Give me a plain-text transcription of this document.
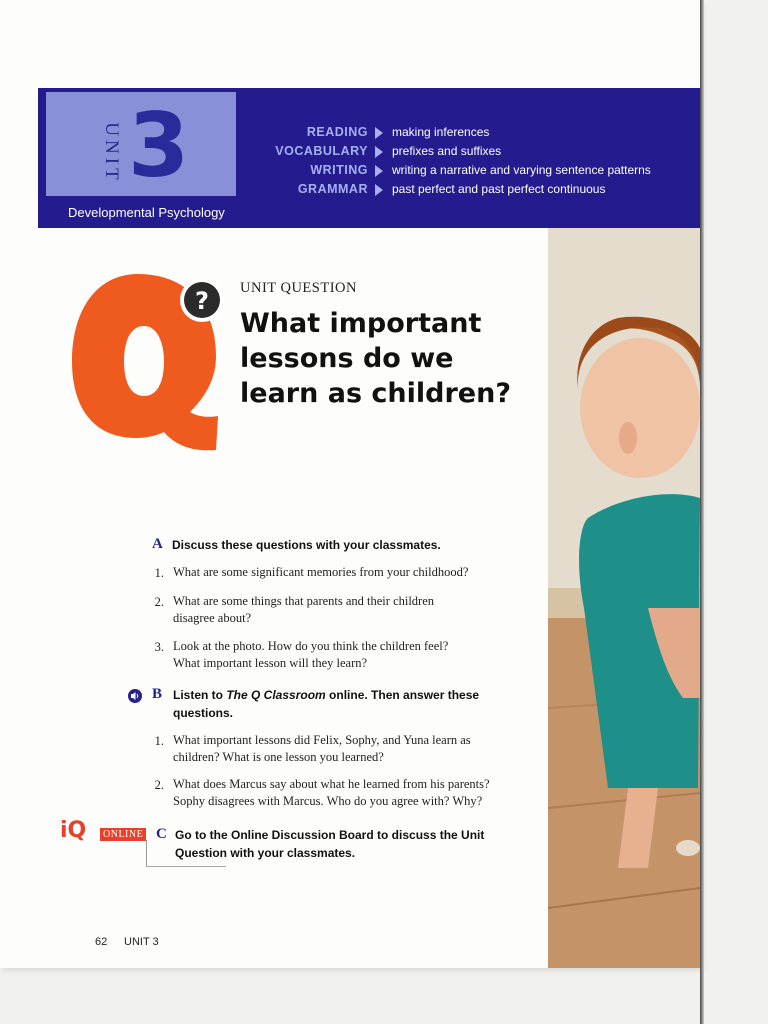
UNIT 3
Developmental Psychology
READING making inferences
VOCABULARY prefixes and suffixes
WRITING writing a narrative and varying sentence patterns
GRAMMAR past perfect and past perfect continuous
? UNIT QUESTION
What important lessons do we learn as children?
A Discuss these questions with your classmates.
1. What are some significant memories from your childhood?
2. What are some things that parents and their children disagree about?
3. Look at the photo. How do you think the children feel? What important lesson will they learn?
B Listen to The Q Classroom online. Then answer these questions.
1. What important lessons did Felix, Sophy, and Yuna learn as children? What is one lesson you learned?
2. What does Marcus say about what he learned from his parents? Sophy disagrees with Marcus. Who do you agree with? Why?
iQ	ONLINE C Go to the Online Discussion Board to discuss the Unit Question with your classmates.
62 UNIT 3
